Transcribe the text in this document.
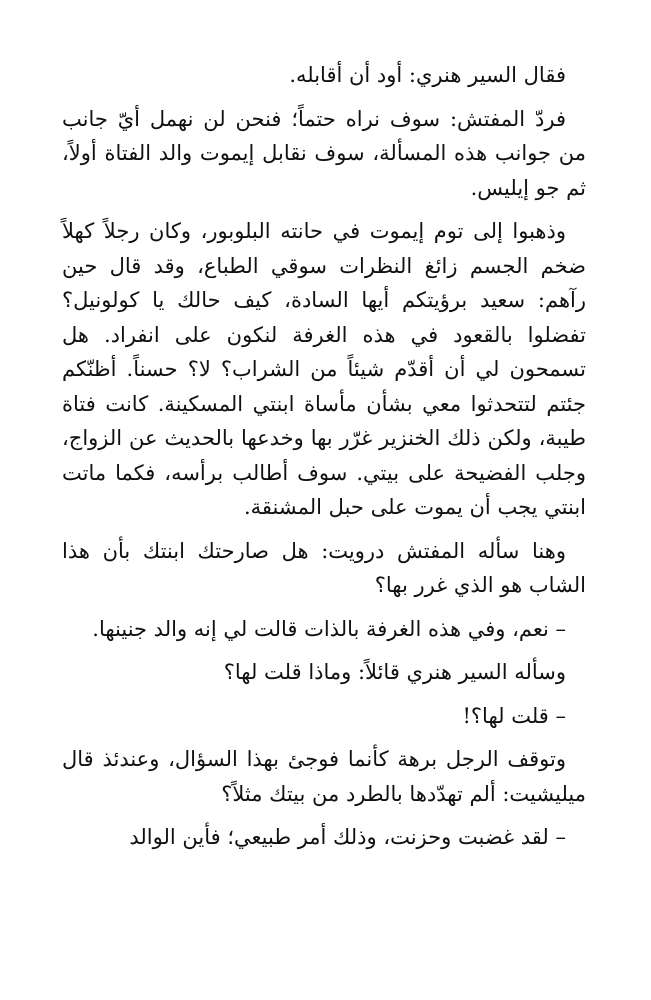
فقال السير هنري: أود أن أقابله.

فردّ المفتش: سوف نراه حتماً؛ فنحن لن نهمل أيّ جانب من جوانب هذه المسألة، سوف نقابل إيموت والد الفتاة أولاً، ثم جو إيليس.

وذهبوا إلى توم إيموت في حانته البلوبور، وكان رجلاً كهلاً ضخم الجسم زائغ النظرات سوقي الطباع، وقد قال حين رآهم: سعيد برؤيتكم أيها السادة، كيف حالك يا كولونيل؟ تفضلوا بالقعود في هذه الغرفة لنكون على انفراد. هل تسمحون لي أن أقدّم شيئاً من الشراب؟ لا؟ حسناً. أظنّكم جئتم لتتحدثوا معي بشأن مأساة ابنتي المسكينة. كانت فتاة طيبة، ولكن ذلك الخنزير غرّر بها وخدعها بالحديث عن الزواج، وجلب الفضيحة على بيتي. سوف أطالب برأسه، فكما ماتت ابنتي يجب أن يموت على حبل المشنقة.

وهنا سأله المفتش درويت: هل صارحتك ابنتك بأن هذا الشاب هو الذي غرر بها؟

– نعم، وفي هذه الغرفة بالذات قالت لي إنه والد جنينها.

وسأله السير هنري قائلاً: وماذا قلت لها؟

– قلت لها؟!

وتوقف الرجل برهة كأنما فوجئ بهذا السؤال، وعندئذ قال ميليشيت: ألم تهدّدها بالطرد من بيتك مثلاً؟

– لقد غضبت وحزنت، وذلك أمر طبيعي؛ فأين الوالد
